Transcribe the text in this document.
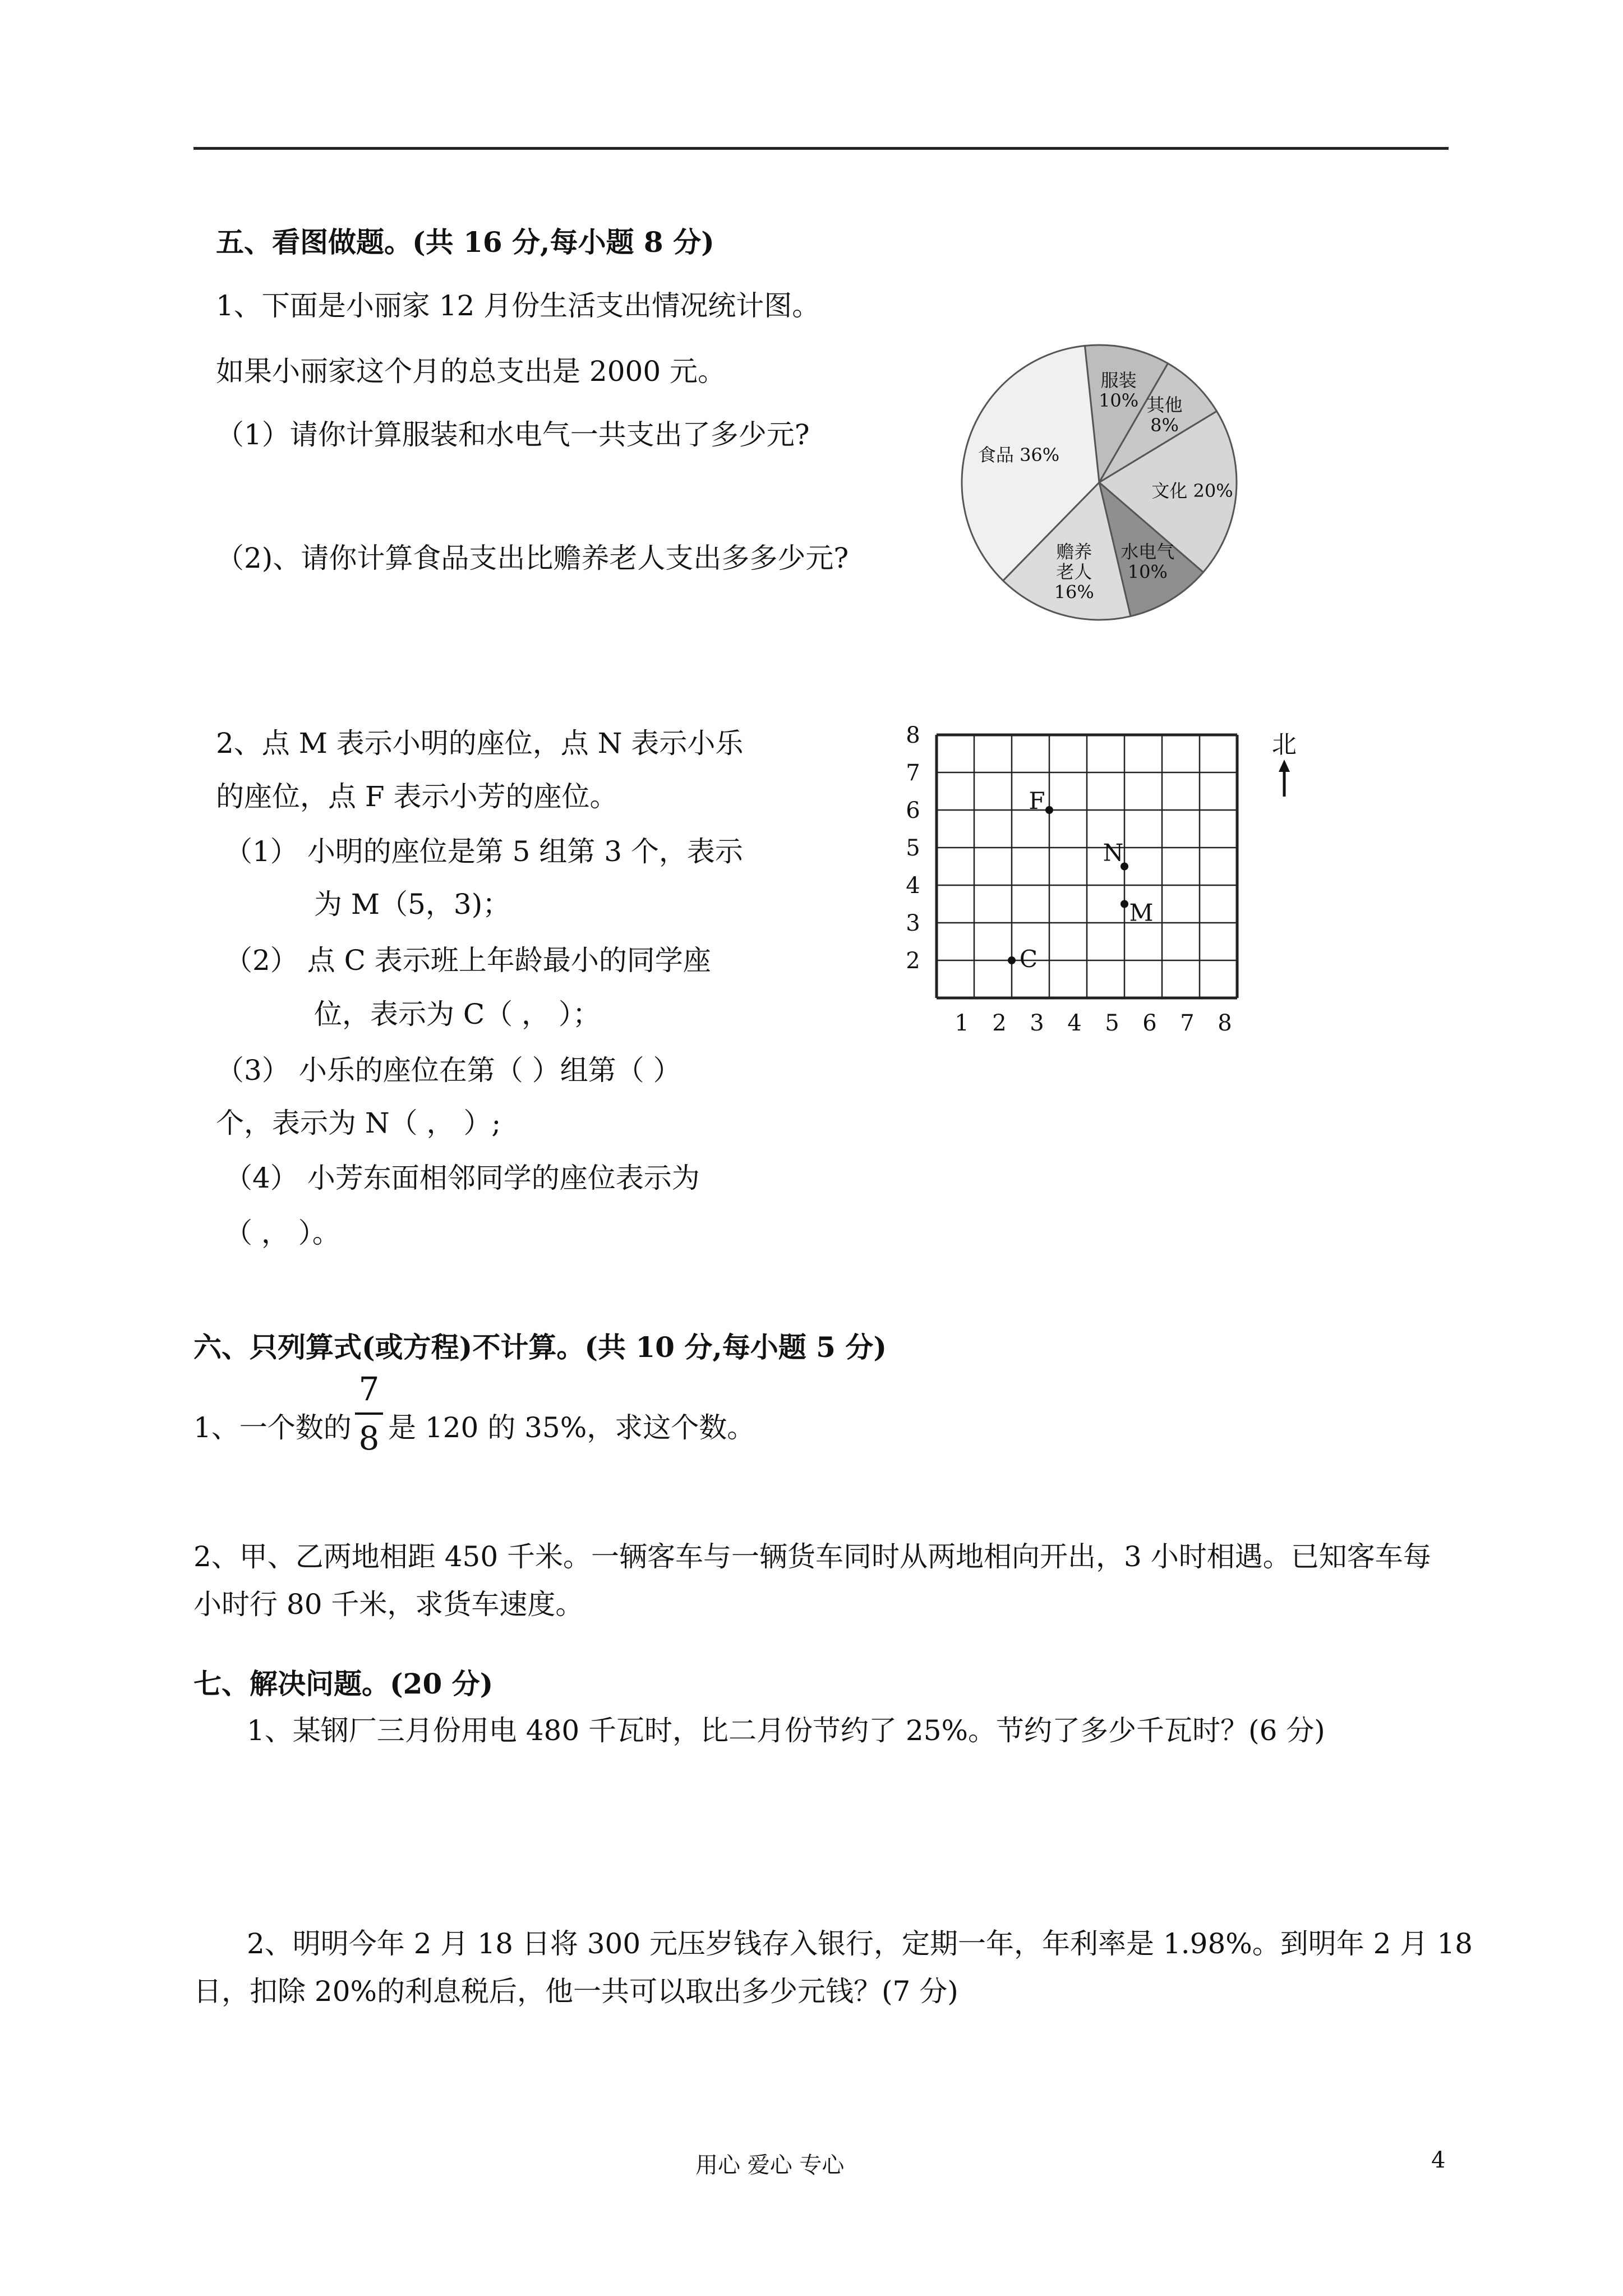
五、看图做题。(共 16 分,每小题 8 分)
1、下面是小丽家 12 月份生活支出情况统计图。
如果小丽家这个月的总支出是 2000 元。
（1）请你计算服装和水电气一共支出了多少元?
（2)、请你计算食品支出比赡养老人支出多多少元?
服装
10% 其他
8%
文化 20%
水电气
10%
赡养
老人
16%
食品 36%
2、点 M 表示小明的座位，点 N 表示小乐
的座位，点 F 表示小芳的座位。
（1） 小明的座位是第 5 组第 3 个，表示
为 M（5，3)；
（2） 点 C 表示班上年龄最小的同学座
位，表示为 C（ ， ）；
（3） 小乐的座位在第（ ）组第（ ）
个，表示为 N（ ， ）;
（4） 小芳东面相邻同学的座位表示为
（ ， ）。
1 2 3 4 5 6 7 8
2
3
4
5
6
7
8
F
N
M
C
北
六、只列算式(或方程)不计算。(共 10 分,每小题 5 分)
1、一个数的
7
8 是 120 的 35%，求这个数。
2、甲、乙两地相距 450 千米。一辆客车与一辆货车同时从两地相向开出，3 小时相遇。已知客车每
小时行 80 千米，求货车速度。
七、解决问题。(20 分)
1、某钢厂三月份用电 480 千瓦时，比二月份节约了 25%。节约了多少千瓦时？(6 分)
2、明明今年 2 月 18 日将 300 元压岁钱存入银行，定期一年，年利率是 1.98%。到明年 2 月 18
日，扣除 20%的利息税后，他一共可以取出多少元钱？(7 分)
用心 爱心 专心	4
